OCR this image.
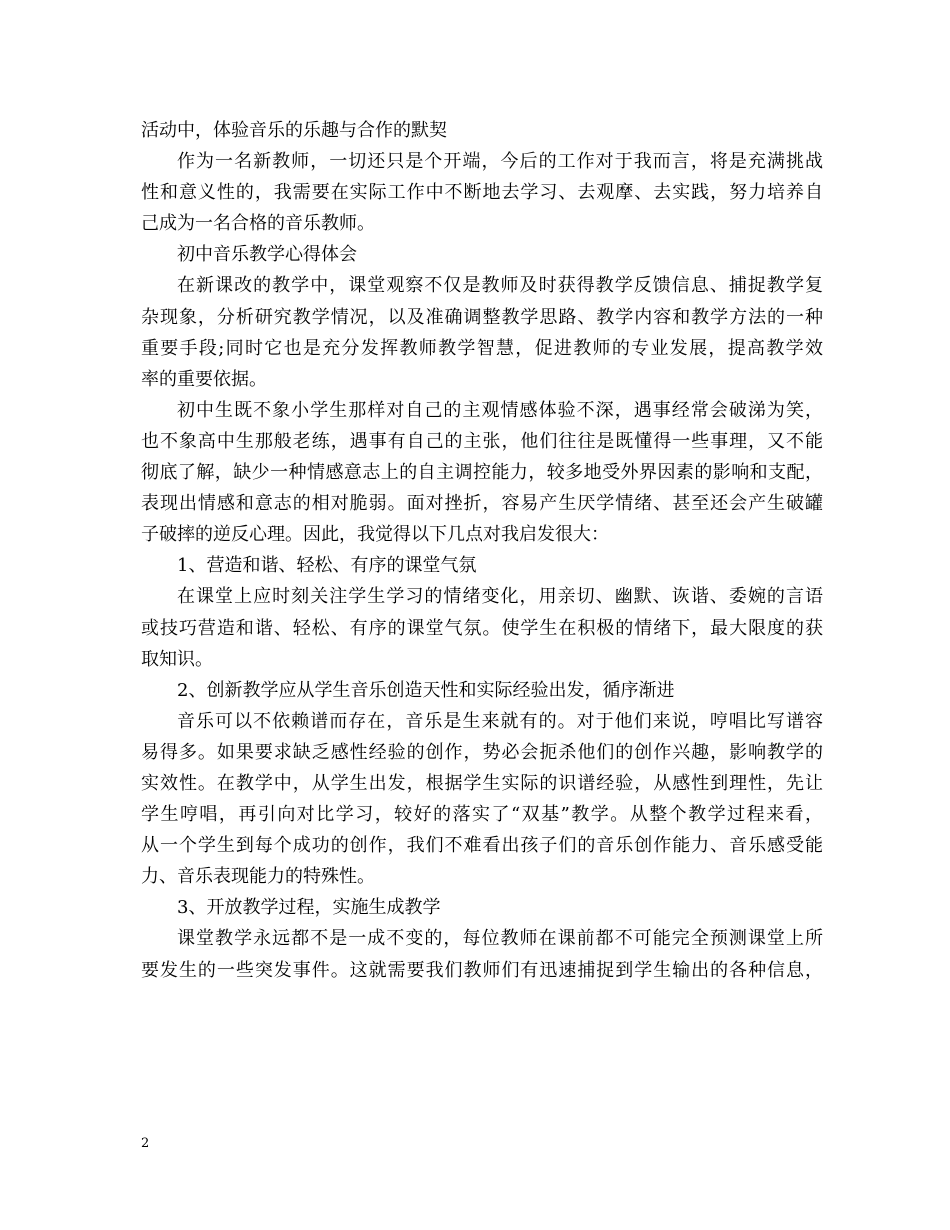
活动中，体验音乐的乐趣与合作的默契
作为一名新教师，一切还只是个开端，今后的工作对于我而言，将是充满挑战
性和意义性的，我需要在实际工作中不断地去学习、去观摩、去实践，努力培养自
己成为一名合格的音乐教师。
初中音乐教学心得体会
在新课改的教学中，课堂观察不仅是教师及时获得教学反馈信息、捕捉教学复
杂现象，分析研究教学情况，以及准确调整教学思路、教学内容和教学方法的一种
重要手段;同时它也是充分发挥教师教学智慧，促进教师的专业发展，提高教学效
率的重要依据。
初中生既不象小学生那样对自己的主观情感体验不深，遇事经常会破涕为笑，
也不象高中生那般老练，遇事有自己的主张，他们往往是既懂得一些事理，又不能
彻底了解，缺少一种情感意志上的自主调控能力，较多地受外界因素的影响和支配，
表现出情感和意志的相对脆弱。面对挫折，容易产生厌学情绪、甚至还会产生破罐
子破摔的逆反心理。因此，我觉得以下几点对我启发很大：
1、营造和谐、轻松、有序的课堂气氛
在课堂上应时刻关注学生学习的情绪变化，用亲切、幽默、诙谐、委婉的言语
或技巧营造和谐、轻松、有序的课堂气氛。使学生在积极的情绪下，最大限度的获
取知识。
2、创新教学应从学生音乐创造天性和实际经验出发，循序渐进
音乐可以不依赖谱而存在，音乐是生来就有的。对于他们来说，哼唱比写谱容
易得多。如果要求缺乏感性经验的创作，势必会扼杀他们的创作兴趣，影响教学的
实效性。在教学中，从学生出发，根据学生实际的识谱经验，从感性到理性，先让
学生哼唱，再引向对比学习，较好的落实了“双基”教学。从整个教学过程来看，
从一个学生到每个成功的创作，我们不难看出孩子们的音乐创作能力、音乐感受能
力、音乐表现能力的特殊性。
3、开放教学过程，实施生成教学
课堂教学永远都不是一成不变的，每位教师在课前都不可能完全预测课堂上所
要发生的一些突发事件。这就需要我们教师们有迅速捕捉到学生输出的各种信息，
2
